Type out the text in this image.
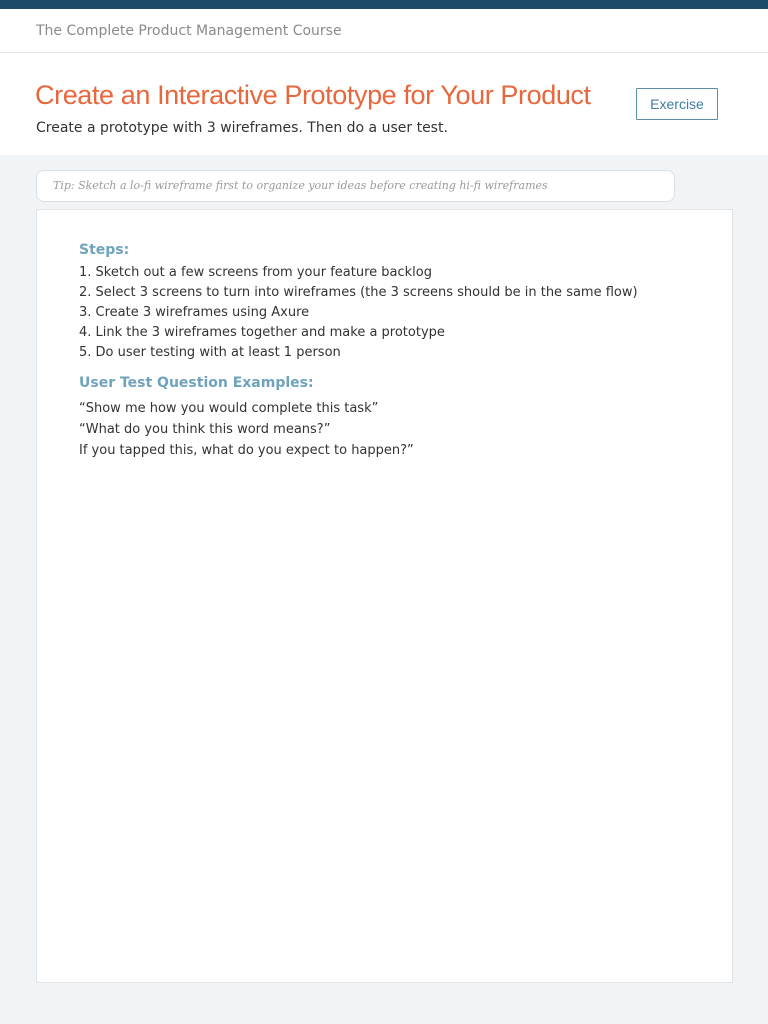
The Complete Product Management Course
Create an Interactive Prototype for Your Product
Create a prototype with 3 wireframes. Then do a user test.
Exercise
Tip: Sketch a lo-fi wireframe first to organize your ideas before creating hi-fi wireframes
Steps:
1. Sketch out a few screens from your feature backlog
2. Select 3 screens to turn into wireframes (the 3 screens should be in the same flow)
3. Create 3 wireframes using Axure
4. Link the 3 wireframes together and make a prototype
5. Do user testing with at least 1 person
User Test Question Examples:
“Show me how you would complete this task”
“What do you think this word means?”
If you tapped this, what do you expect to happen?”
